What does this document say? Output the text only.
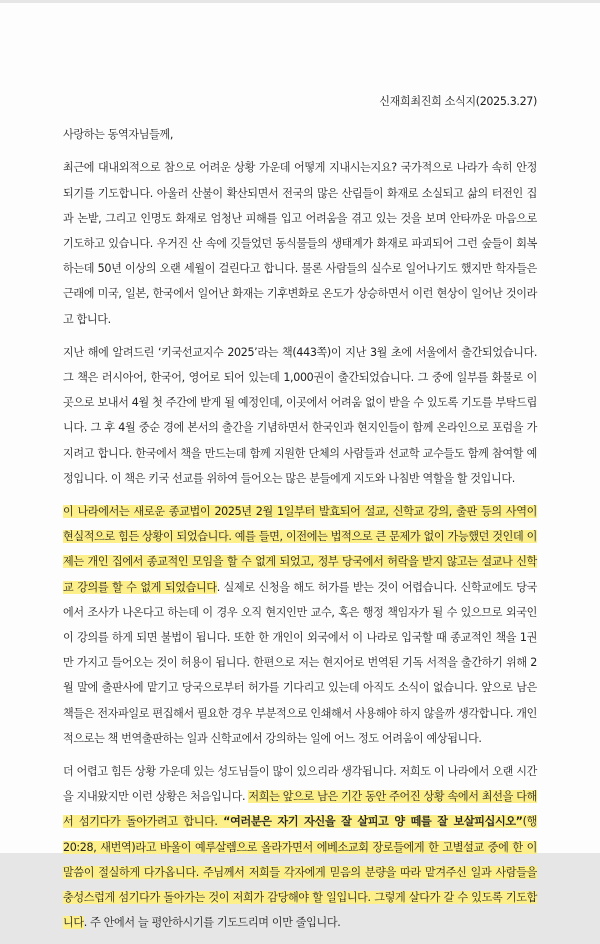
신재희최진희 소식지(2025.3.27)
사랑하는 동역자님들께,

최근에 대내외적으로 참으로 어려운 상황 가운데 어떻게 지내시는지요? 국가적으로 나라가 속히 안정되기를 기도합니다. 아울러 산불이 확산되면서 전국의 많은 산림들이 화재로 소실되고 삶의 터전인 집과 논밭, 그리고 인명도 화재로 엄청난 피해를 입고 어려움을 겪고 있는 것을 보며 안타까운 마음으로 기도하고 있습니다. 우거진 산 속에 깃들었던 동식물들의 생태계가 화재로 파괴되어 그런 숲들이 회복하는데 50년 이상의 오랜 세월이 걸린다고 합니다. 물론 사람들의 실수로 일어나기도 했지만 학자들은 근래에 미국, 일본, 한국에서 일어난 화재는 기후변화로 온도가 상승하면서 이런 현상이 일어난 것이라고 합니다.

지난 해에 알려드린 ‘키국선교지수 2025’라는 책(443쪽)이 지난 3월 초에 서울에서 출간되었습니다. 그 책은 러시아어, 한국어, 영어로 되어 있는데 1,000권이 출간되었습니다. 그 중에 일부를 화물로 이곳으로 보내서 4월 첫 주간에 받게 될 예정인데, 이곳에서 어려움 없이 받을 수 있도록 기도를 부탁드립니다. 그 후 4월 중순 경에 본서의 출간을 기념하면서 한국인과 현지인들이 함께 온라인으로 포럼을 가지려고 합니다. 한국에서 책을 만드는데 함께 지원한 단체의 사람들과 선교학 교수들도 함께 참여할 예정입니다. 이 책은 키국 선교를 위하여 들어오는 많은 분들에게 지도와 나침반 역할을 할 것입니다.

이 나라에서는 새로운 종교법이 2025년 2월 1일부터 발효되어 설교, 신학교 강의, 출판 등의 사역이 현실적으로 힘든 상황이 되었습니다. 예를 들면, 이전에는 법적으로 큰 문제가 없이 가능했던 것인데 이제는 개인 집에서 종교적인 모임을 할 수 없게 되었고, 정부 당국에서 허락을 받지 않고는 설교나 신학교 강의를 할 수 없게 되었습니다. 실제로 신청을 해도 허가를 받는 것이 어렵습니다. 신학교에도 당국에서 조사가 나온다고 하는데 이 경우 오직 현지인만 교수, 혹은 행정 책임자가 될 수 있으므로 외국인이 강의를 하게 되면 불법이 됩니다. 또한 한 개인이 외국에서 이 나라로 입국할 때 종교적인 책을 1권만 가지고 들어오는 것이 허용이 됩니다. 한편으로 저는 현지어로 번역된 기독 서적을 출간하기 위해 2월 말에 출판사에 맡기고 당국으로부터 허가를 기다리고 있는데 아직도 소식이 없습니다. 앞으로 남은 책들은 전자파일로 편집해서 필요한 경우 부분적으로 인쇄해서 사용해야 하지 않을까 생각합니다. 개인적으로는 책 번역출판하는 일과 신학교에서 강의하는 일에 어느 정도 어려움이 예상됩니다.

더 어렵고 힘든 상황 가운데 있는 성도님들이 많이 있으리라 생각됩니다. 저희도 이 나라에서 오랜 시간을 지내왔지만 이런 상황은 처음입니다. 저희는 앞으로 남은 기간 동안 주어진 상황 속에서 최선을 다해서 섬기다가 돌아가려고 합니다. “여러분은 자기 자신을 잘 살피고 양 떼를 잘 보살피십시오”(행 20:28, 새번역)라고 바울이 예루살렘으로 올라가면서 에베소교회 장로들에게 한 고별설교 중에 한 이 말씀이 절실하게 다가옵니다. 주님께서 저희들 각자에게 믿음의 분량을 따라 맡겨주신 일과 사람들을 충성스럽게 섬기다가 돌아가는 것이 저희가 감당해야 할 일입니다. 그렇게 살다가 갈 수 있도록 기도합니다. 주 안에서 늘 평안하시기를 기도드리며 이만 줄입니다.
